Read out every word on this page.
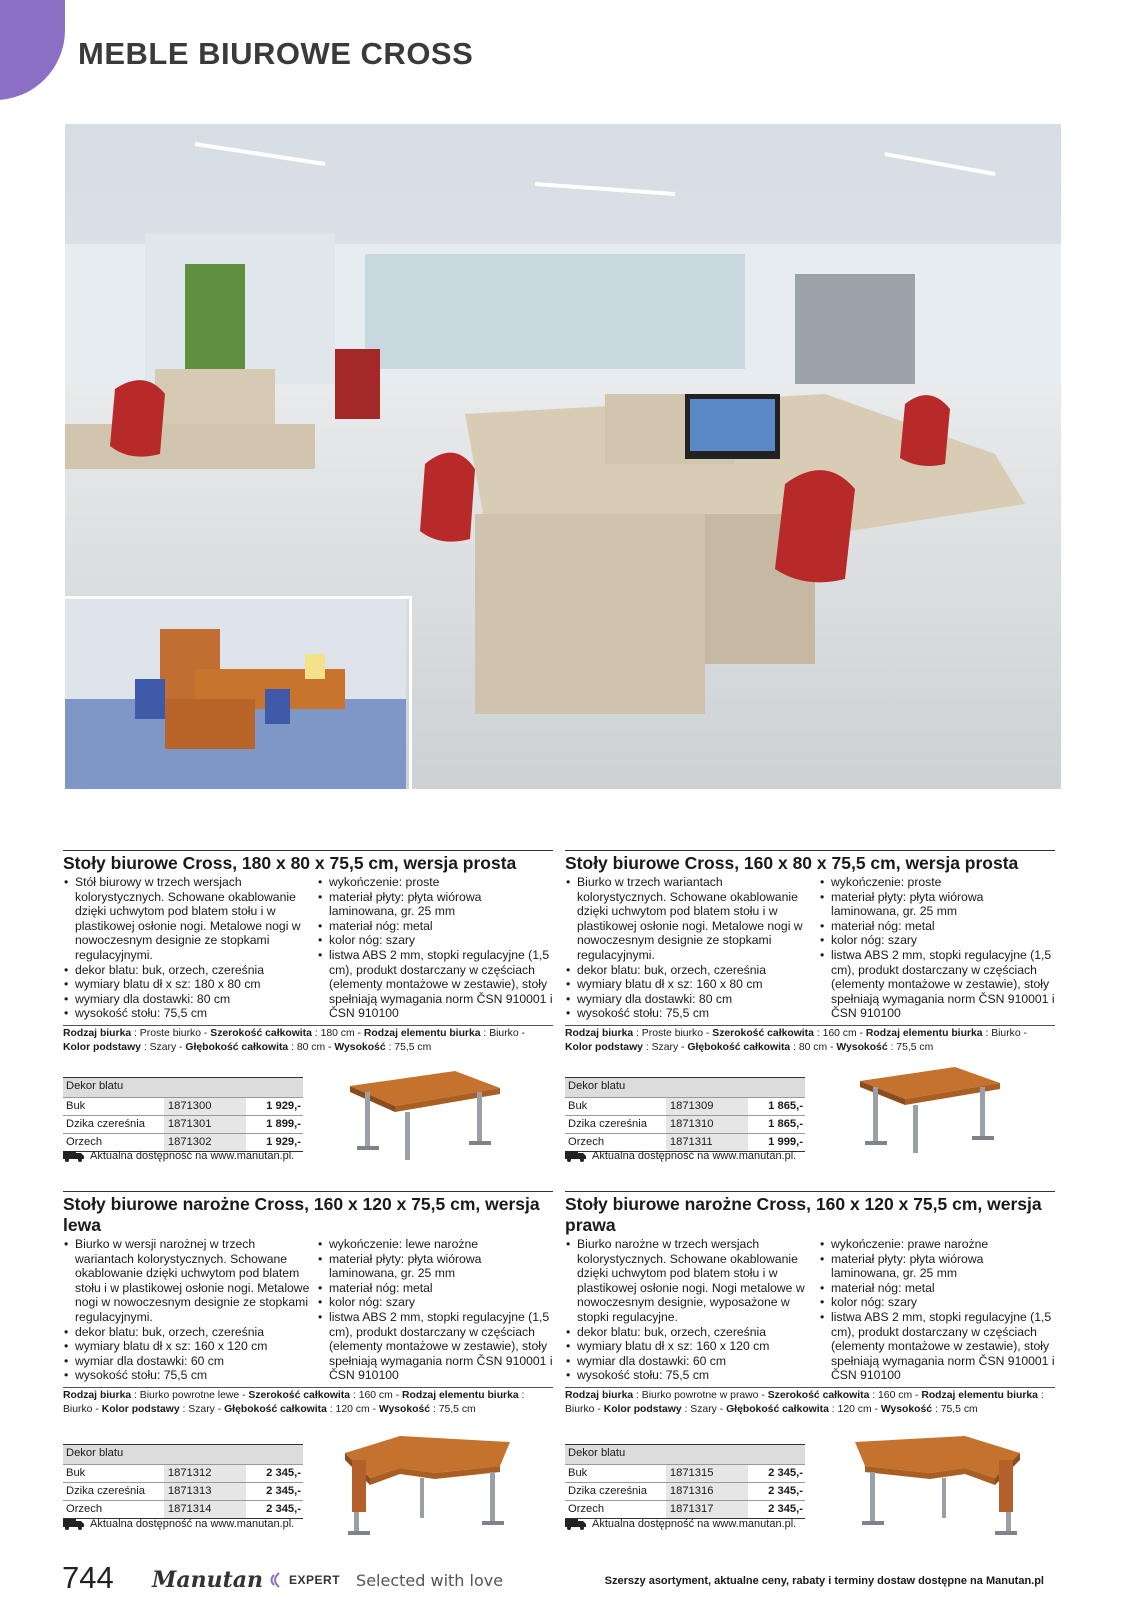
MEBLE BIUROWE CROSS
Stoły biurowe Cross, 180 x 80 x 75,5 cm, wersja prosta
• Stół biurowy w trzech wersjach kolorystycznych. Schowane okablowanie dzięki uchwytom pod blatem stołu i w plastikowej osłonie nogi. Metalowe nogi w nowoczesnym designie ze stopkami regulacyjnymi.
• dekor blatu: buk, orzech, czereśnia
• wymiary blatu dł x sz: 180 x 80 cm
• wymiary dla dostawki: 80 cm
• wysokość stołu: 75,5 cm
• wykończenie: proste
• materiał płyty: płyta wiórowa laminowana, gr. 25 mm
• materiał nóg: metal
• kolor nóg: szary
• listwa ABS 2 mm, stopki regulacyjne (1,5 cm), produkt dostarczany w częściach (elementy montażowe w zestawie), stoły spełniają wymagania norm ČSN 910001 i ČSN 910100
Rodzaj biurka : Proste biurko - Szerokość całkowita : 180 cm - Rodzaj elementu biurka : Biurko - Kolor podstawy : Szary - Głębokość całkowita : 80 cm - Wysokość : 75,5 cm
Dekor blatu
Buk	1871300	1 929,-
Dzika czereśnia	1871301	1 899,-
Orzech	1871302	1 929,-
Aktualna dostępność na www.manutan.pl.
Stoły biurowe Cross, 160 x 80 x 75,5 cm, wersja prosta
• Biurko w trzech wariantach kolorystycznych. Schowane okablowanie dzięki uchwytom pod blatem stołu i w plastikowej osłonie nogi. Metalowe nogi w nowoczesnym designie ze stopkami regulacyjnymi.
• dekor blatu: buk, orzech, czereśnia
• wymiary blatu dł x sz: 160 x 80 cm
• wymiary dla dostawki: 80 cm
• wysokość stołu: 75,5 cm
• wykończenie: proste
• materiał płyty: płyta wiórowa laminowana, gr. 25 mm
• materiał nóg: metal
• kolor nóg: szary
• listwa ABS 2 mm, stopki regulacyjne (1,5 cm), produkt dostarczany w częściach (elementy montażowe w zestawie), stoły spełniają wymagania norm ČSN 910001 i ČSN 910100
Rodzaj biurka : Proste biurko - Szerokość całkowita : 160 cm - Rodzaj elementu biurka : Biurko - Kolor podstawy : Szary - Głębokość całkowita : 80 cm - Wysokość : 75,5 cm
Dekor blatu
Buk	1871309	1 865,-
Dzika czereśnia	1871310	1 865,-
Orzech	1871311	1 999,-
Aktualna dostępność na www.manutan.pl.
Stoły biurowe narożne Cross, 160 x 120 x 75,5 cm, wersja lewa
• Biurko w wersji narożnej w trzech wariantach kolorystycznych. Schowane okablowanie dzięki uchwytom pod blatem stołu i w plastikowej osłonie nogi. Metalowe nogi w nowoczesnym designie ze stopkami regulacyjnymi.
• dekor blatu: buk, orzech, czereśnia
• wymiary blatu dł x sz: 160 x 120 cm
• wymiar dla dostawki: 60 cm
• wysokość stołu: 75,5 cm
• wykończenie: lewe narożne
• materiał płyty: płyta wiórowa laminowana, gr. 25 mm
• materiał nóg: metal
• kolor nóg: szary
• listwa ABS 2 mm, stopki regulacyjne (1,5 cm), produkt dostarczany w częściach (elementy montażowe w zestawie), stoły spełniają wymagania norm ČSN 910001 i ČSN 910100
Rodzaj biurka : Biurko powrotne lewe - Szerokość całkowita : 160 cm - Rodzaj elementu biurka : Biurko - Kolor podstawy : Szary - Głębokość całkowita : 120 cm - Wysokość : 75,5 cm
Dekor blatu
Buk	1871312	2 345,-
Dzika czereśnia	1871313	2 345,-
Orzech	1871314	2 345,-
Aktualna dostępność na www.manutan.pl.
Stoły biurowe narożne Cross, 160 x 120 x 75,5 cm, wersja prawa
• Biurko narożne w trzech wersjach kolorystycznych. Schowane okablowanie dzięki uchwytom pod blatem stołu i w plastikowej osłonie nogi. Nogi metalowe w nowoczesnym designie, wyposażone w stopki regulacyjne.
• dekor blatu: buk, orzech, czereśnia
• wymiary blatu dł x sz: 160 x 120 cm
• wymiar dla dostawki: 60 cm
• wysokość stołu: 75,5 cm
• wykończenie: prawe narożne
• materiał płyty: płyta wiórowa laminowana, gr. 25 mm
• materiał nóg: metal
• kolor nóg: szary
• listwa ABS 2 mm, stopki regulacyjne (1,5 cm), produkt dostarczany w częściach (elementy montażowe w zestawie), stoły spełniają wymagania norm ČSN 910001 i ČSN 910100
Rodzaj biurka : Biurko powrotne w prawo - Szerokość całkowita : 160 cm - Rodzaj elementu biurka : Biurko - Kolor podstawy : Szary - Głębokość całkowita : 120 cm - Wysokość : 75,5 cm
Dekor blatu
Buk	1871315	2 345,-
Dzika czereśnia	1871316	2 345,-
Orzech	1871317	2 345,-
Aktualna dostępność na www.manutan.pl.
744 Manutan EXPERT Selected with love	Szerszy asortyment, aktualne ceny, rabaty i terminy dostaw dostępne na Manutan.pl
